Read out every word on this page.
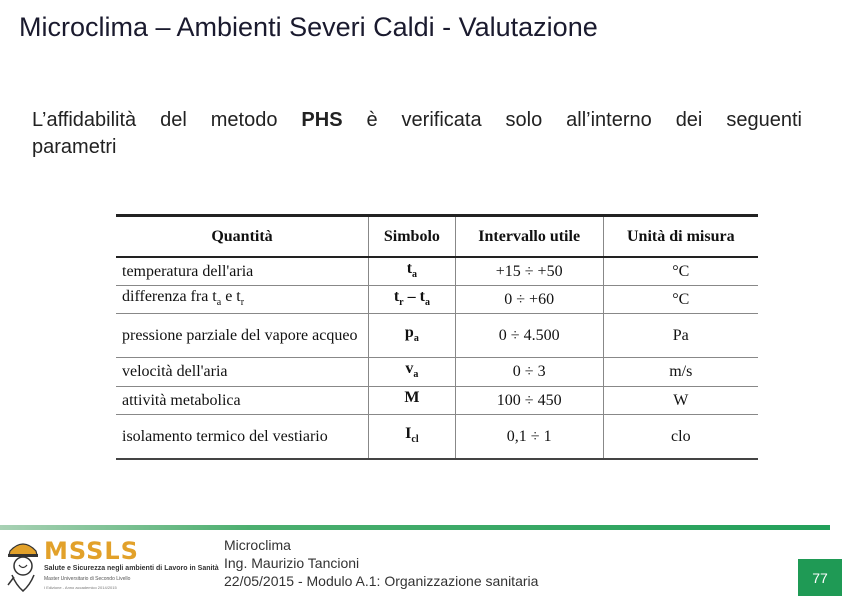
Microclima – Ambienti Severi Caldi - Valutazione
L’affidabilità del metodo PHS è verificata solo all’interno dei seguenti
parametri
Quantità	Simbolo	Intervallo utile	Unità di misura
temperatura dell'aria	$t_a$	+15 ÷ +50	°C
differenza fra $t_a$ e $t_r$	$t_r - t_a$	0 ÷ +60	°C
pressione parziale del vapore acqueo	$p_a$	0 ÷ 4.500	Pa
velocità dell'aria	$v_a$	0 ÷ 3	m/s
attività metabolica	M	100 ÷ 450	W
isolamento termico del vestiario	$I_{cl}$	0,1 ÷ 1	clo
MSSLS
Salute e Sicurezza negli ambienti di Lavoro in Sanità
Master Universitario di Secondo Livello
I Edizione - Anno accademico 2014/2015
Microclima
Ing. Maurizio Tancioni
22/05/2015 - Modulo A.1: Organizzazione sanitaria	77
